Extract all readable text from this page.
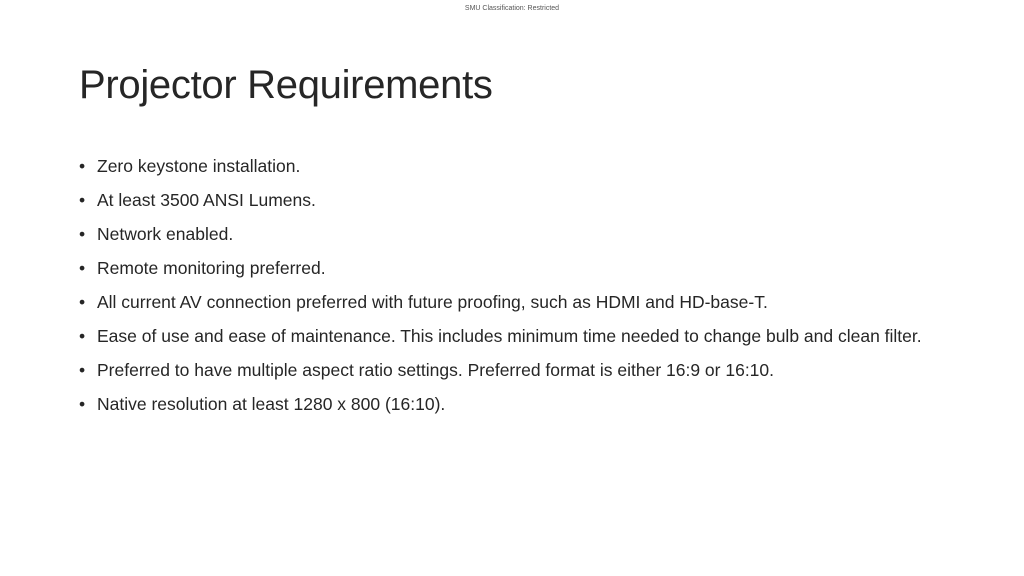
SMU Classification: Restricted
Projector Requirements
• Zero keystone installation.
• At least 3500 ANSI Lumens.
• Network enabled.
• Remote monitoring preferred.
• All current AV connection preferred with future proofing, such as HDMI and HD-base-T.
• Ease of use and ease of maintenance. This includes minimum time needed to change bulb and clean filter.
• Preferred to have multiple aspect ratio settings. Preferred format is either 16:9 or 16:10.
• Native resolution at least 1280 x 800 (16:10).
